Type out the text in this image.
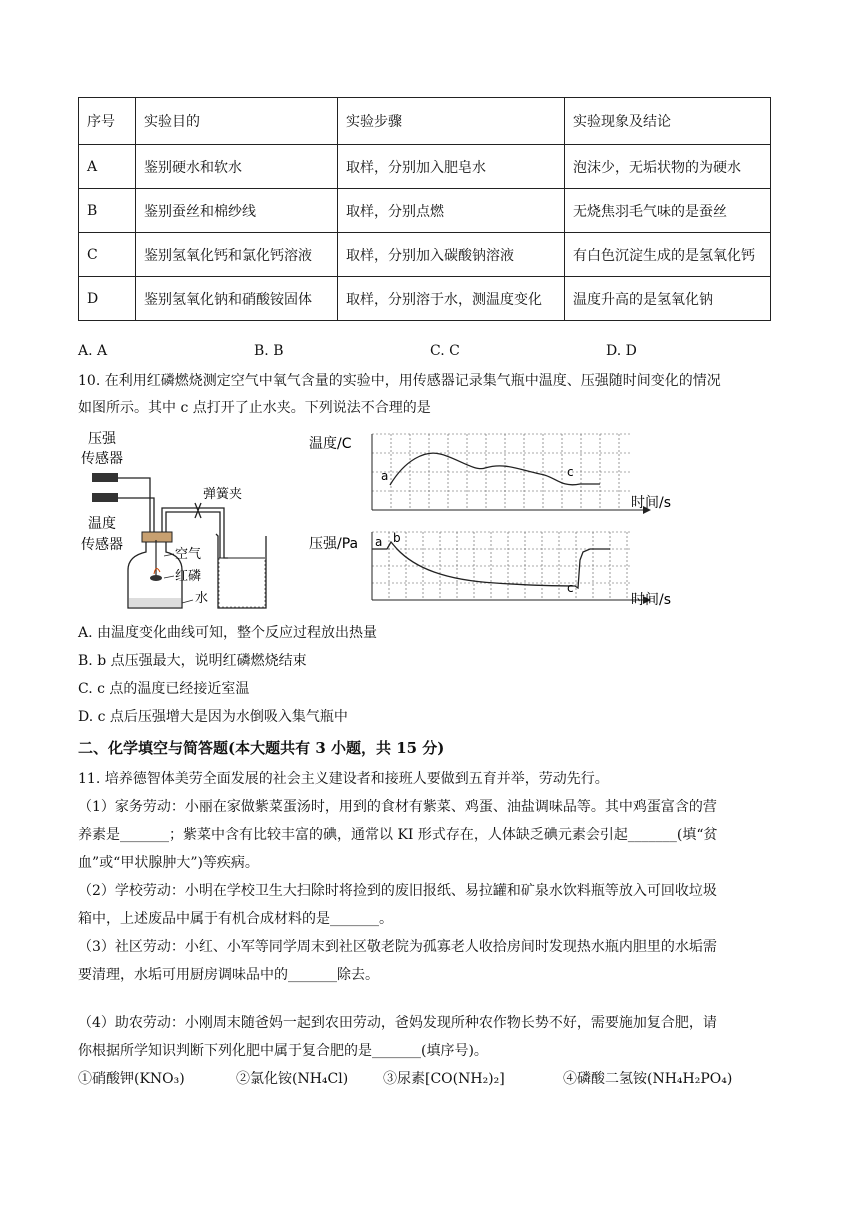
序号	实验目的	实验步骤	实验现象及结论
A	鉴别硬水和软水	取样，分别加入肥皂水	泡沫少，无垢状物的为硬水
B	鉴别蚕丝和棉纱线	取样，分别点燃	无烧焦羽毛气味的是蚕丝
C	鉴别氢氧化钙和氯化钙溶液	取样，分别加入碳酸钠溶液	有白色沉淀生成的是氢氧化钙
D	鉴别氢氧化钠和硝酸铵固体	取样，分别溶于水，测温度变化	温度升高的是氢氧化钠
A. A	B. B	C. C	D. D
10. 在利用红磷燃烧测定空气中氧气含量的实验中，用传感器记录集气瓶中温度、压强随时间变化的情况
如图所示。其中 c 点打开了止水夹。下列说法不合理的是
压强
传感器
温度
传感器
弹簧夹
空气
红磷
水
温度/C
时间/s
a	c
压强/Pa
时间/s
a b
c
A. 由温度变化曲线可知，整个反应过程放出热量
B. b 点压强最大，说明红磷燃烧结束
C. c 点的温度已经接近室温
D. c 点后压强增大是因为水倒吸入集气瓶中
二、化学填空与简答题(本大题共有 3 小题，共 15 分)
11. 培养德智体美劳全面发展的社会主义建设者和接班人要做到五育并举，劳动先行。
（1）家务劳动：小丽在家做紫菜蛋汤时，用到的食材有紫菜、鸡蛋、油盐调味品等。其中鸡蛋富含的营
养素是_______；紫菜中含有比较丰富的碘，通常以 KI 形式存在，人体缺乏碘元素会引起_______(填“贫
血”或“甲状腺肿大”)等疾病。
（2）学校劳动：小明在学校卫生大扫除时将捡到的废旧报纸、易拉罐和矿泉水饮料瓶等放入可回收垃圾
箱中，上述废品中属于有机合成材料的是_______。
（3）社区劳动：小红、小军等同学周末到社区敬老院为孤寡老人收拾房间时发现热水瓶内胆里的水垢需
要清理，水垢可用厨房调味品中的_______除去。
（4）助农劳动：小刚周末随爸妈一起到农田劳动，爸妈发现所种农作物长势不好，需要施加复合肥，请
你根据所学知识判断下列化肥中属于复合肥的是_______(填序号)。
①硝酸钾(KNO₃)	②氯化铵(NH₄Cl) ③尿素[CO(NH₂)₂]	④磷酸二氢铵(NH₄H₂PO₄)
